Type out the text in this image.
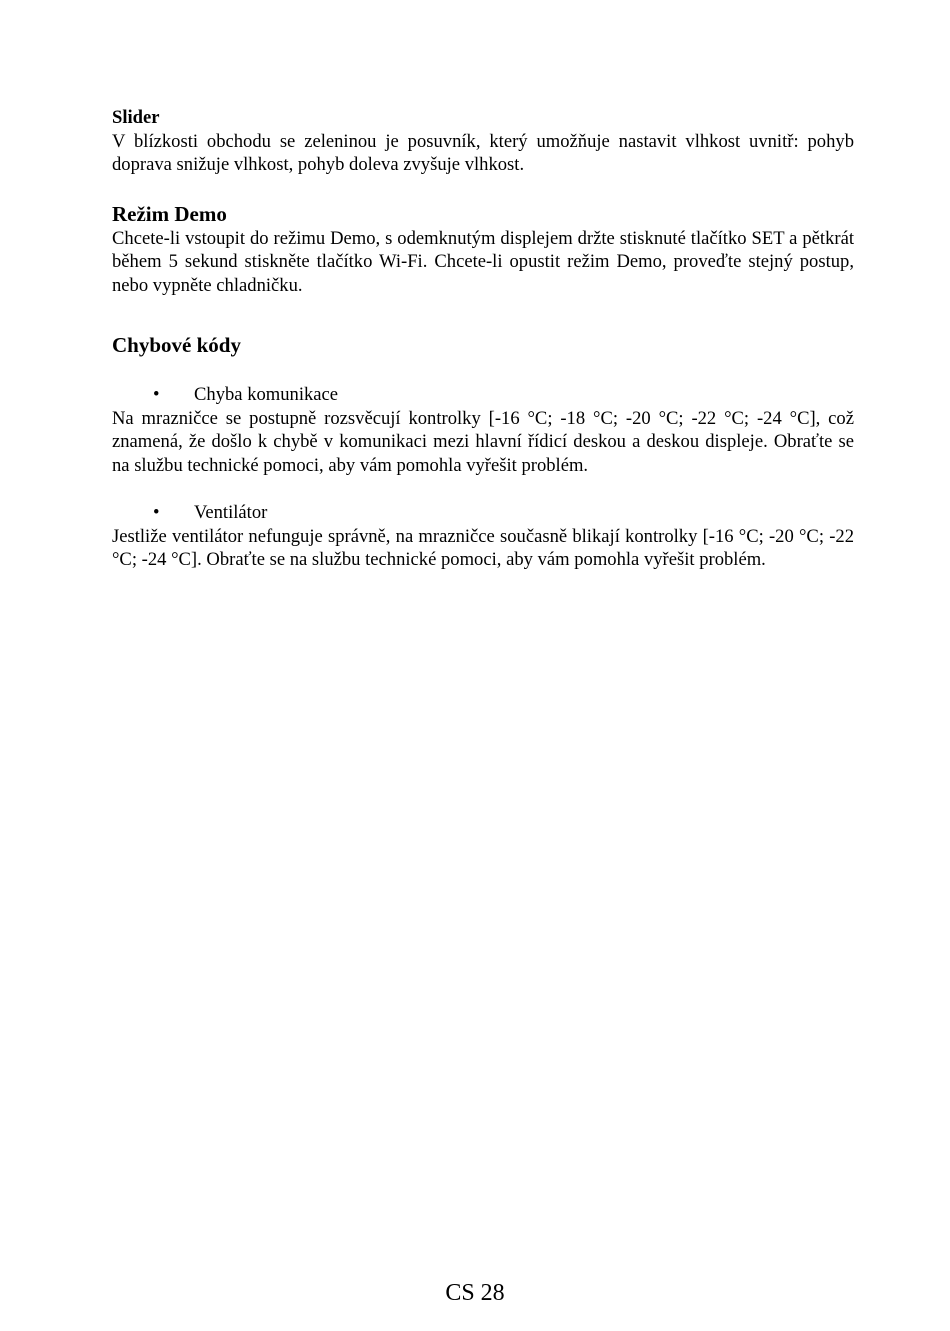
Slider

V blízkosti obchodu se zeleninou je posuvník, který umožňuje nastavit vlhkost uvnitř: pohyb doprava snižuje vlhkost, pohyb doleva zvyšuje vlhkost.

Režim Demo

Chcete-li vstoupit do režimu Demo, s odemknutým displejem držte stisknuté tlačítko SET a pětkrát během 5 sekund stiskněte tlačítko Wi-Fi. Chcete-li opustit režim Demo, proveďte stejný postup, nebo vypněte chladničku.

Chybové kódy

• Chyba komunikace

Na mrazničce se postupně rozsvěcují kontrolky [-16 °C; -18 °C; -20 °C; -22 °C; -24 °C], což znamená, že došlo k chybě v komunikaci mezi hlavní řídicí deskou a deskou displeje. Obraťte se na službu technické pomoci, aby vám pomohla vyřešit problém.

• Ventilátor

Jestliže ventilátor nefunguje správně, na mrazničce současně blikají kontrolky [-16 °C; -20 °C; -22 °C; -24 °C]. Obraťte se na službu technické pomoci, aby vám pomohla vyřešit problém.

CS 28
